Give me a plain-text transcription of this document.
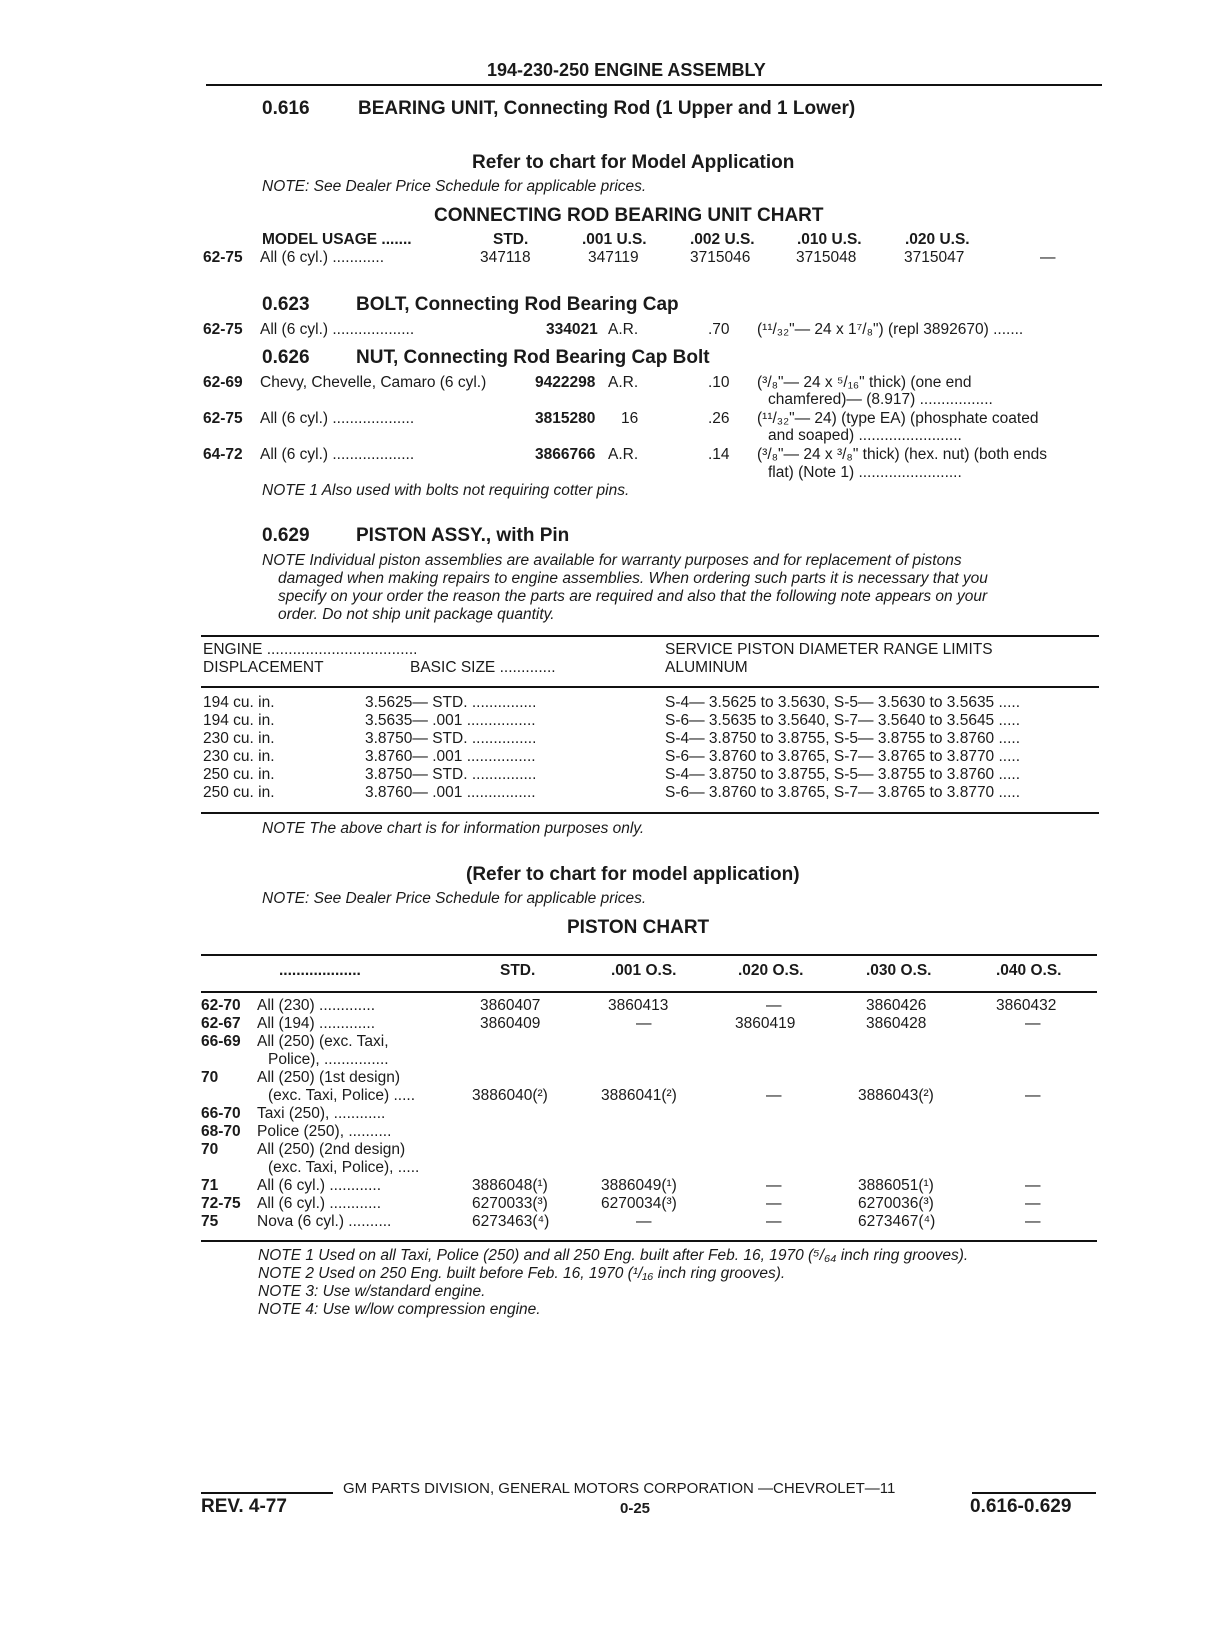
194-230-250 ENGINE ASSEMBLY
0.616	BEARING UNIT, Connecting Rod (1 Upper and 1 Lower)
Refer to chart for Model Application
NOTE: See Dealer Price Schedule for applicable prices.
CONNECTING ROD BEARING UNIT CHART
MODEL USAGE .......	STD.	.001 U.S.	.002 U.S.	.010 U.S.	.020 U.S.
62-75 All (6 cyl.) ............	347118	347119	3715046	3715048	3715047	—
0.623 BOLT, Connecting Rod Bearing Cap
62-75 All (6 cyl.) ...................	334021 A.R.	.70 (¹¹/₃₂"— 24 x 1⁷/₈") (repl 3892670) .......
0.626 NUT, Connecting Rod Bearing Cap Bolt
62-69 Chevy, Chevelle, Camaro (6 cyl.)	9422298 A.R.	.10 (³/₈"— 24 x ⁵/₁₆" thick) (one end
chamfered)— (8.917) .................
62-75 All (6 cyl.) ...................	3815280 16	.26 (¹¹/₃₂"— 24) (type EA) (phosphate coated
and soaped) ........................
64-72 All (6 cyl.) ...................	3866766 A.R.	.14 (³/₈"— 24 x ³/₈" thick) (hex. nut) (both ends
flat) (Note 1) ........................
NOTE 1 Also used with bolts not requiring cotter pins.
0.629 PISTON ASSY., with Pin
NOTE Individual piston assemblies are available for warranty purposes and for replacement of pistons
damaged when making repairs to engine assemblies. When ordering such parts it is necessary that you
specify on your order the reason the parts are required and also that the following note appears on your
order. Do not ship unit package quantity.
ENGINE ...................................
DISPLACEMENT	BASIC SIZE .............
SERVICE PISTON DIAMETER RANGE LIMITS
ALUMINUM
194 cu. in.	3.5625— STD. ...............	S-4— 3.5625 to 3.5630, S-5— 3.5630 to 3.5635 .....
194 cu. in.	3.5635— .001 ................	S-6— 3.5635 to 3.5640, S-7— 3.5640 to 3.5645 .....
230 cu. in.	3.8750— STD. ...............	S-4— 3.8750 to 3.8755, S-5— 3.8755 to 3.8760 .....
230 cu. in.	3.8760— .001 ................	S-6— 3.8760 to 3.8765, S-7— 3.8765 to 3.8770 .....
250 cu. in.	3.8750— STD. ...............	S-4— 3.8750 to 3.8755, S-5— 3.8755 to 3.8760 .....
250 cu. in.	3.8760— .001 ................	S-6— 3.8760 to 3.8765, S-7— 3.8765 to 3.8770 .....
NOTE The above chart is for information purposes only.
(Refer to chart for model application)
NOTE: See Dealer Price Schedule for applicable prices.
PISTON CHART
...................	STD.	.001 O.S.	.020 O.S.	.030 O.S.	.040 O.S.
62-70 All (230) .............	3860407	3860413	—	3860426	3860432
62-67 All (194) .............	3860409	—	3860419	3860428	—
66-69 All (250) (exc. Taxi,
Police), ...............
70	All (250) (1st design)
(exc. Taxi, Police) .....	3886040(²)	3886041(²)	—	3886043(²)	—
66-70 Taxi (250), ............
68-70 Police (250), ..........
70	All (250) (2nd design)
(exc. Taxi, Police), .....
71	All (6 cyl.) ............	3886048(¹)	3886049(¹)	—	3886051(¹)	—
72-75 All (6 cyl.) ............	6270033(³)	6270034(³)	—	6270036(³)	—
75	Nova (6 cyl.) ..........	6273463(⁴)	—	—	6273467(⁴)	—
NOTE 1 Used on all Taxi, Police (250) and all 250 Eng. built after Feb. 16, 1970 (⁵/₆₄ inch ring grooves).
NOTE 2 Used on 250 Eng. built before Feb. 16, 1970 (¹/₁₆ inch ring grooves).
NOTE 3: Use w/standard engine.
NOTE 4: Use w/low compression engine.
GM PARTS DIVISION, GENERAL MOTORS CORPORATION —CHEVROLET—11
REV. 4-77	0-25	0.616-0.629
